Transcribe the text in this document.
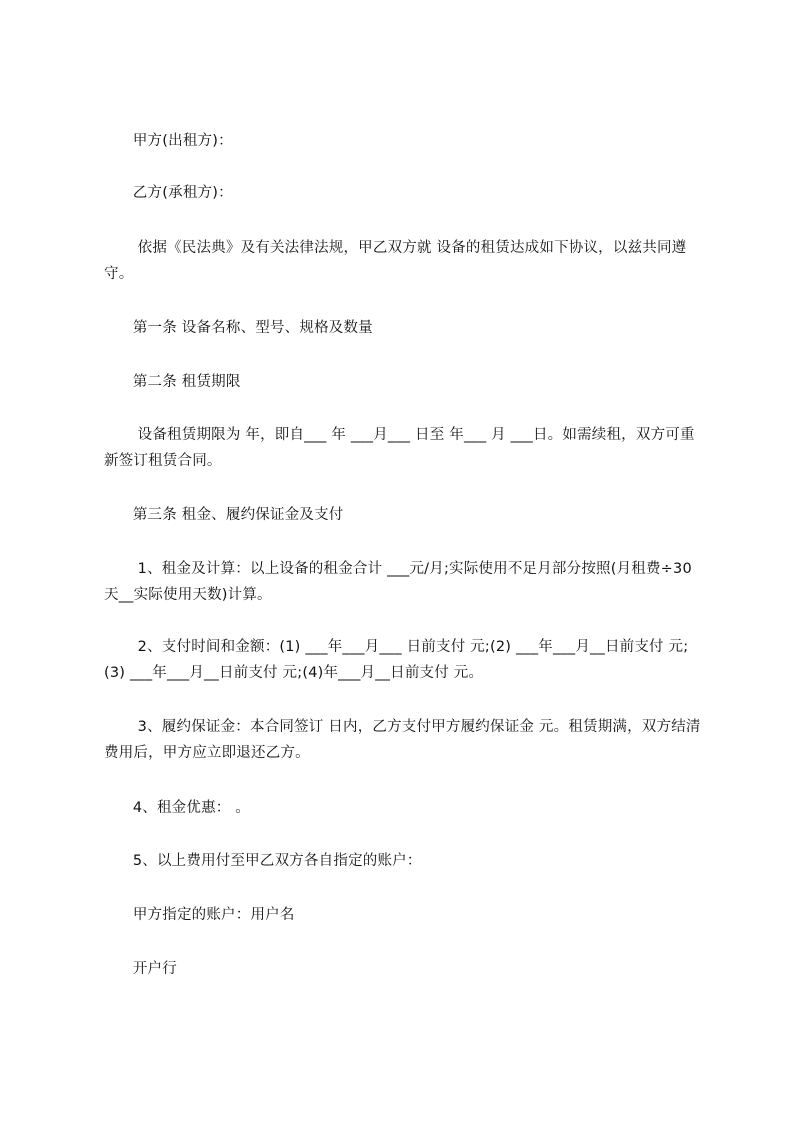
甲方(出租方)：

乙方(承租方)：

依据《民法典》及有关法律法规，甲乙双方就 设备的租赁达成如下协议，以兹共同遵守。

第一条 设备名称、型号、规格及数量

第二条 租赁期限

设备租赁期限为 年，即自___ 年 ___月___ 日至 年___ 月 ___日。如需续租，双方可重新签订租赁合同。

第三条 租金、履约保证金及支付

1、租金及计算：以上设备的租金合计 ___元/月;实际使用不足月部分按照(月租费÷30 天__实际使用天数)计算。

2、支付时间和金额：(1) ___年___月___ 日前支付 元;(2) ___年___月__日前支付 元;(3) ___年___月__日前支付 元;(4)年___月__日前支付 元。

3、履约保证金：本合同签订 日内，乙方支付甲方履约保证金 元。租赁期满，双方结清费用后，甲方应立即退还乙方。

4、租金优惠： 。

5、以上费用付至甲乙双方各自指定的账户：

甲方指定的账户：用户名

开户行
